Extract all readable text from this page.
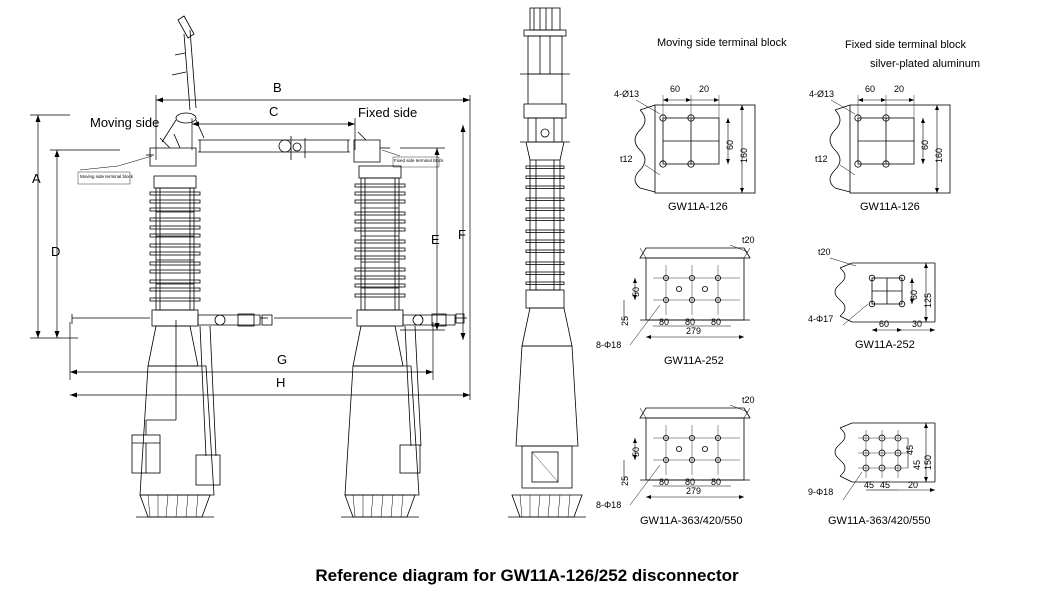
Moving side
Fixed side
Moving side terminal block
Fixed side terminal block
A
D
B
C
E F
G
H
Moving side terminal block	Fixed side terminal block
silver-plated aluminum
4-Ø13
t12
60 20
60
160
GW11A-126
4-Ø13
t12
60 20
60
160
GW11A-126
t20
50
25	80 80 80
279
8-Φ18
GW11A-252
t20
60 125
60	30
4-Φ17
GW11A-252
t20
50
25	80 80 80
279
8-Φ18
GW11A-363/420/550
45
45 150
45 45 20
9-Φ18
GW11A-363/420/550
Reference diagram for GW11A-126/252 disconnector
